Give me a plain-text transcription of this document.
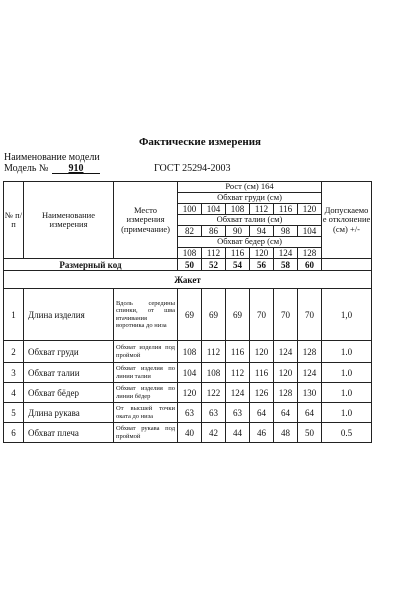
Фактические измерения
Наименование модели
Модель №	910	ГОСТ 25294-2003
№ п/ п	Наименование измерения	Место измерения (примечание)	Рост (см) 164						Допускаемо е отклонение (см) +/-
			Обхват груди (см)						
			100	104	108	112	116	120	
			Обхват талии (см)						
			82	86	90	94	98	104	
			Обхват бедер (см)						
			108	112	116	120	124	128	
Размерный код			50	52	54	56	58	60	
Жакет									
1	Длина изделия	Вдоль середины спинки, от шва втачивания воротника до низа	69	69	69	70	70	70	1,0
2	Обхват груди	Обхват изделия под проймой	108	112	116	120	124	128	1.0
3	Обхват талии	Обхват изделия по линии талии	104	108	112	116	120	124	1.0
4	Обхват бёдер	Обхват изделия по линии бёдер	120	122	124	126	128	130	1.0
5	Длина рукава	От высшей точки оката до низа	63	63	63	64	64	64	1.0
6	Обхват плеча	Обхват рукава под проймой	40	42	44	46	48	50	0.5
